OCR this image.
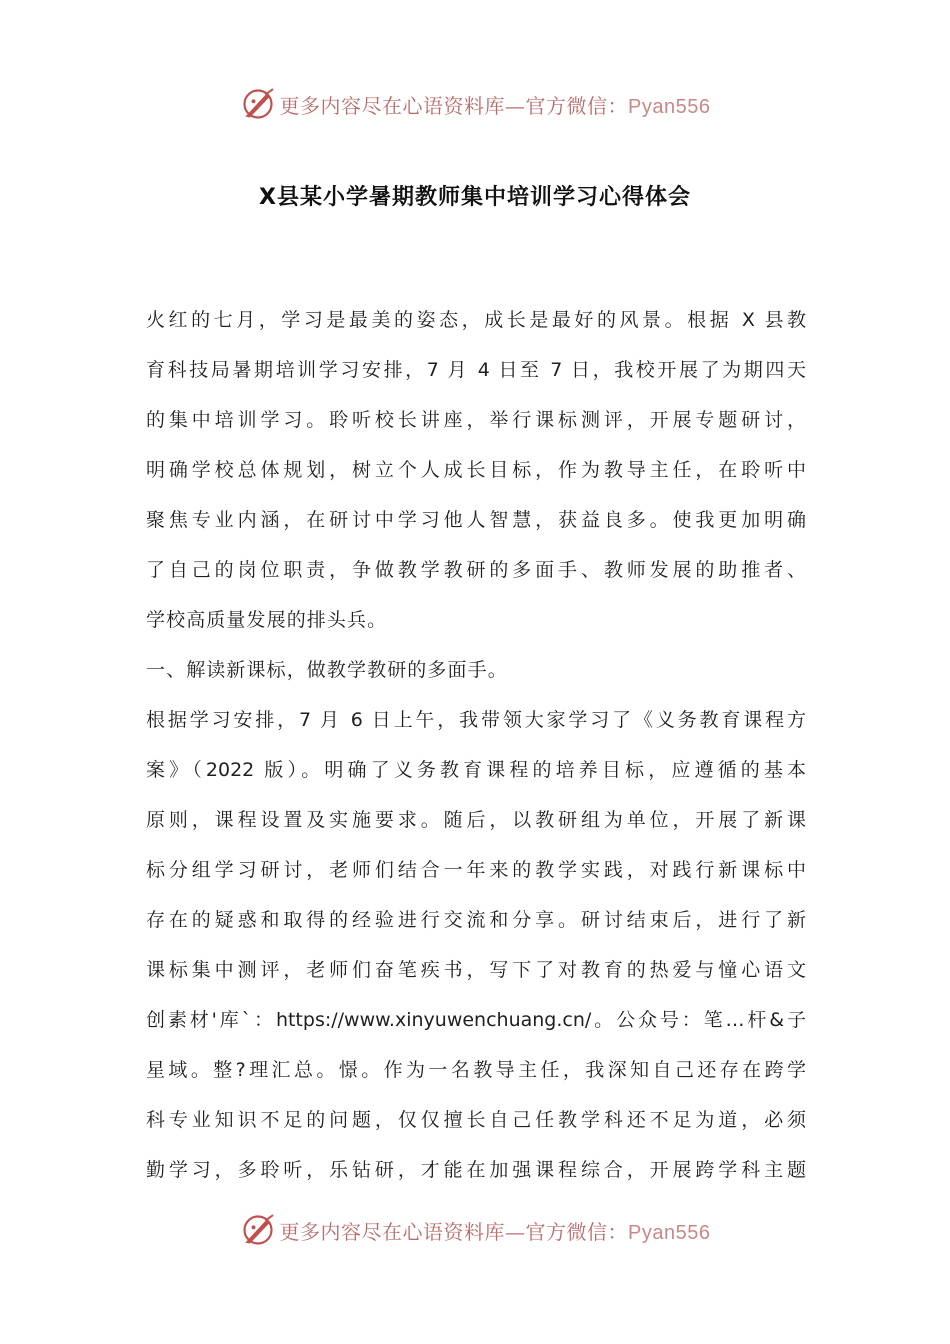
更多内容尽在心语资料库—官方微信：Pyan556
X县某小学暑期教师集中培训学习心得体会
火红的七月，学习是最美的姿态，成长是最好的风景。根据 X 县教
育科技局暑期培训学习安排，7 月 4 日至 7 日，我校开展了为期四天
的集中培训学习。聆听校长讲座，举行课标测评，开展专题研讨，
明确学校总体规划，树立个人成长目标，作为教导主任，在聆听中
聚焦专业内涵，在研讨中学习他人智慧，获益良多。使我更加明确
了自己的岗位职责，争做教学教研的多面手、教师发展的助推者、
学校高质量发展的排头兵。
一、解读新课标，做教学教研的多面手。
根据学习安排，7 月 6 日上午，我带领大家学习了《义务教育课程方
案》（2022 版）。明确了义务教育课程的培养目标，应遵循的基本
原则，课程设置及实施要求。随后，以教研组为单位，开展了新课
标分组学习研讨，老师们结合一年来的教学实践，对践行新课标中
存在的疑惑和取得的经验进行交流和分享。研讨结束后，进行了新
课标集中测评，老师们奋笔疾书，写下了对教育的热爱与憧心语文
创素材'库`：https://www.xinyuwenchuang.cn/。公众号：笔…杆&子
星域。整?理汇总。憬。作为一名教导主任，我深知自己还存在跨学
科专业知识不足的问题，仅仅擅长自己任教学科还不足为道，必须
勤学习，多聆听，乐钻研，才能在加强课程综合，开展跨学科主题
更多内容尽在心语资料库—官方微信：Pyan556
